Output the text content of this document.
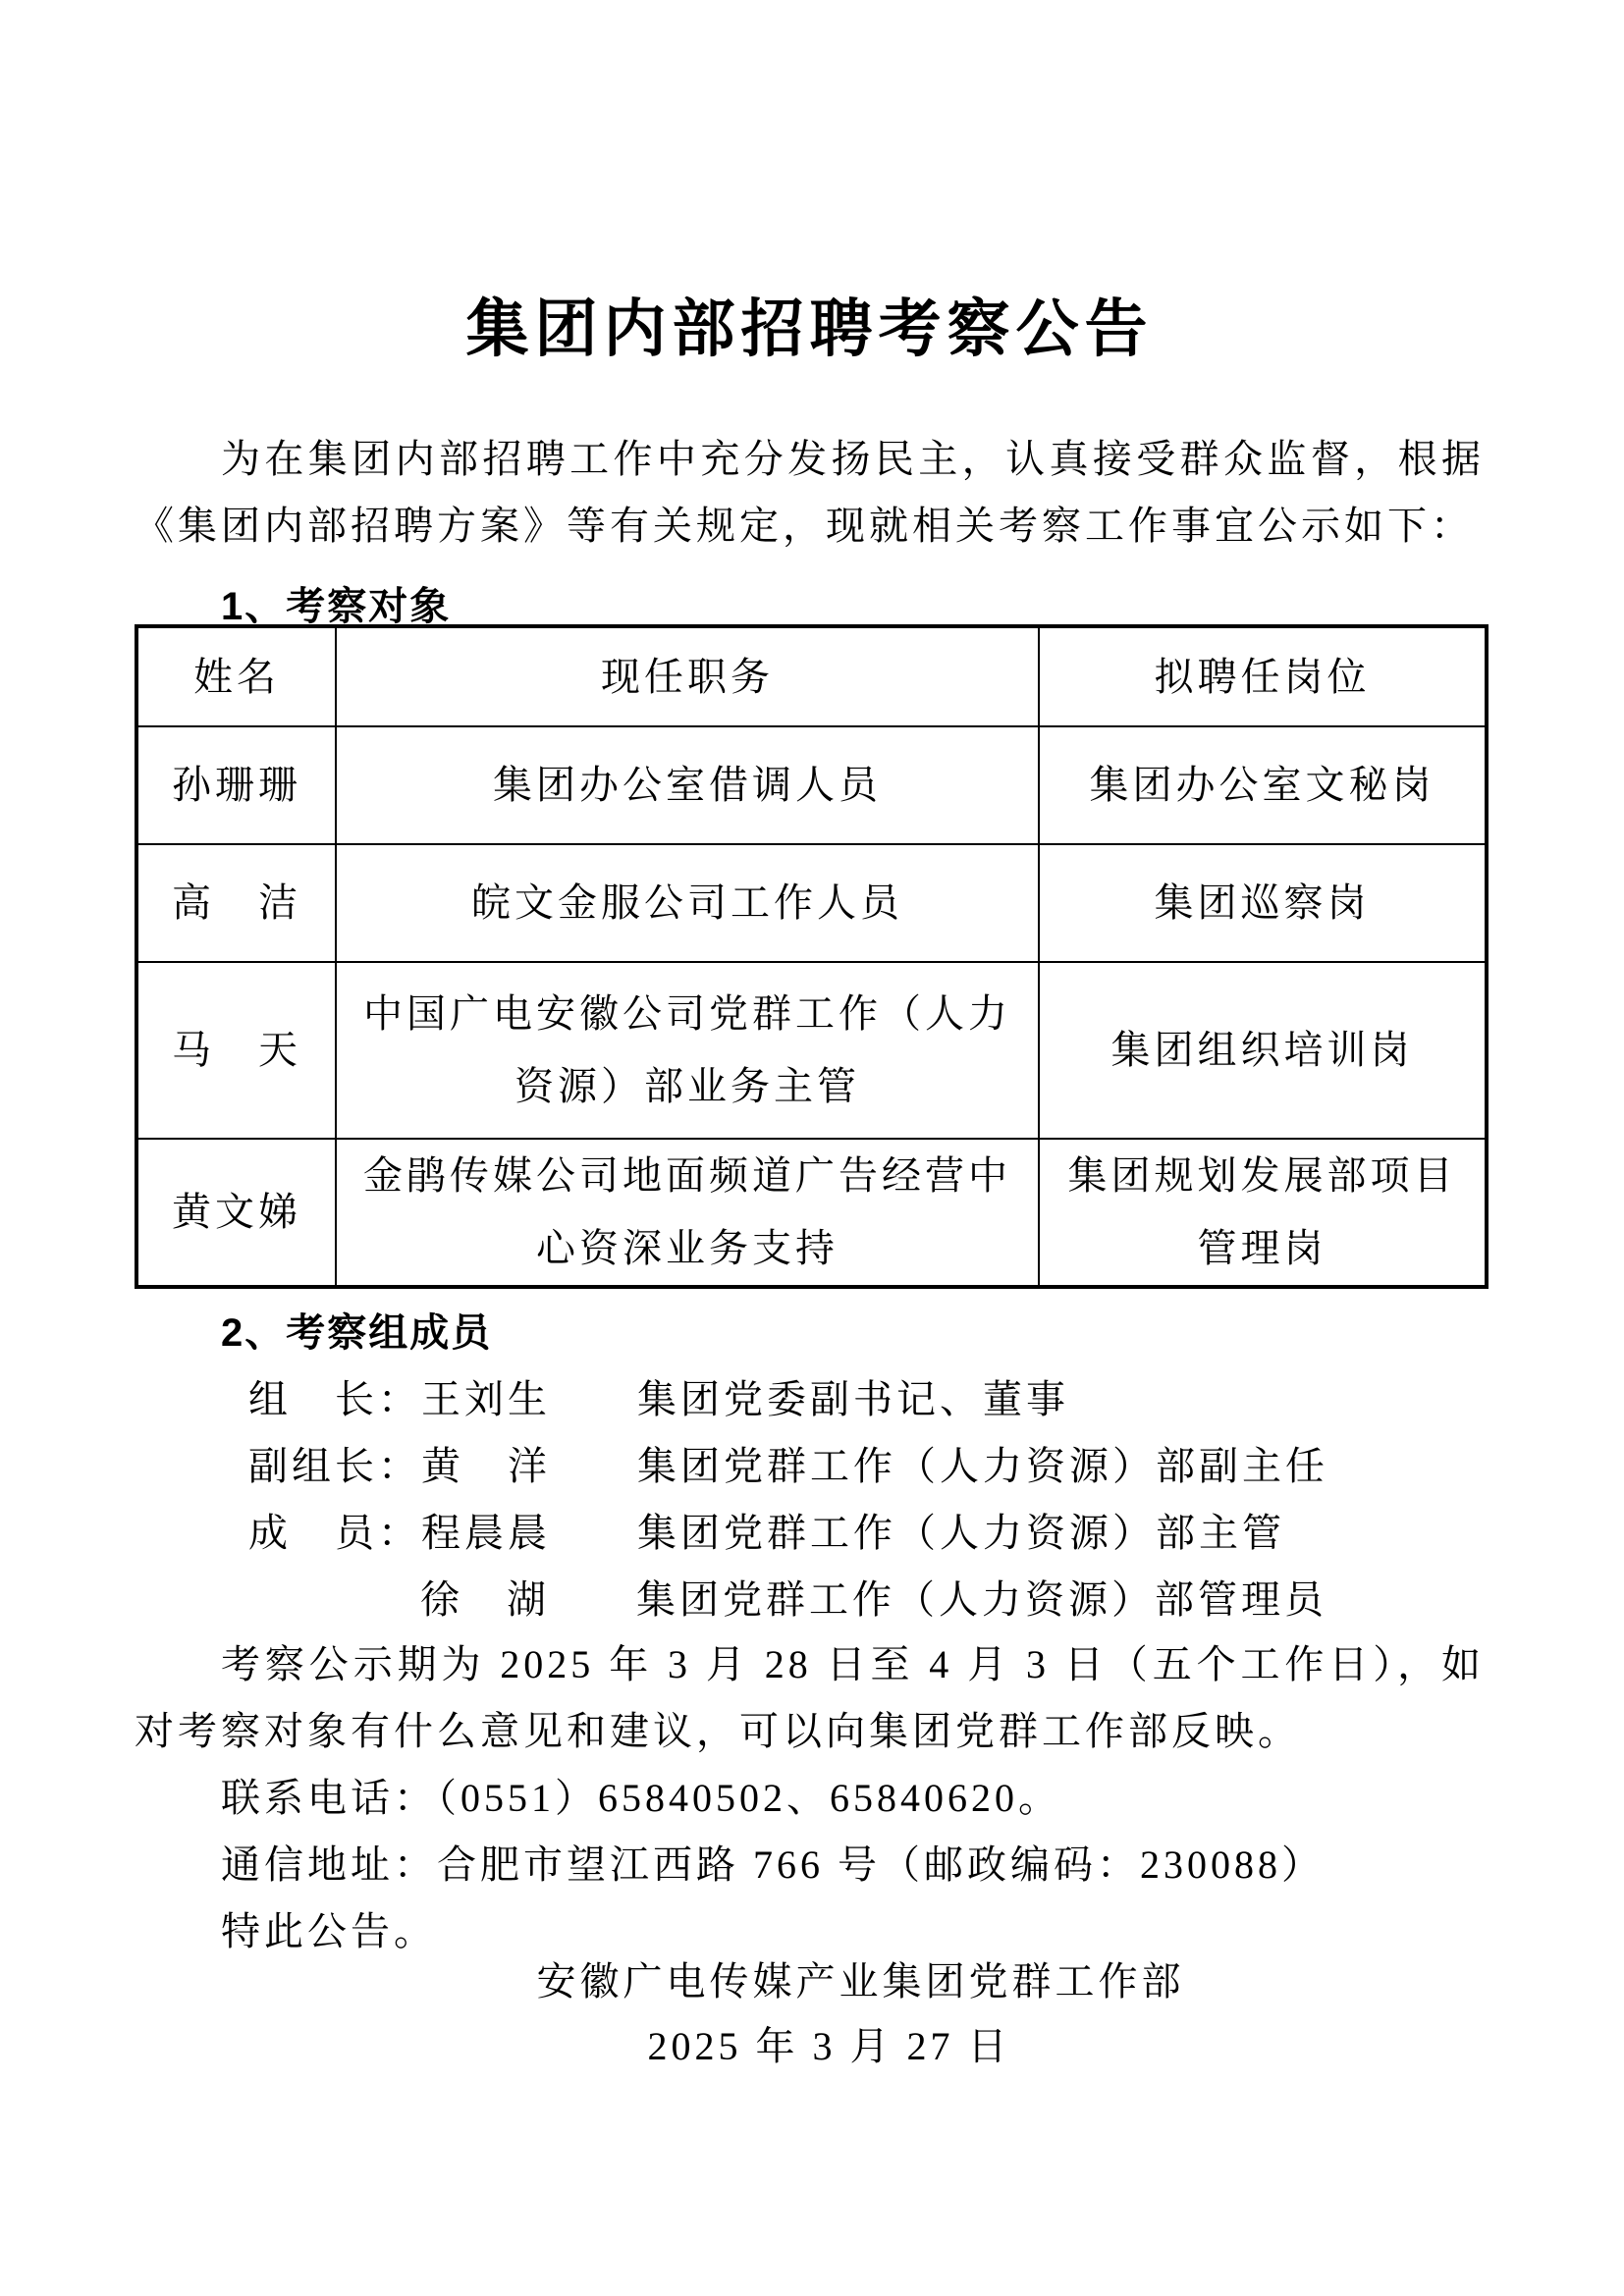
集团内部招聘考察公告
为在集团内部招聘工作中充分发扬民主，认真接受群众监督，根据《集团内部招聘方案》等有关规定，现就相关考察工作事宜公示如下：
1、考察对象
姓名	现任职务	拟聘任岗位
孙珊珊	集团办公室借调人员	集团办公室文秘岗
高　洁	皖文金服公司工作人员	集团巡察岗
马　天	中国广电安徽公司党群工作（人力资源）部业务主管	集团组织培训岗
黄文娣	金鹃传媒公司地面频道广告经营中心资深业务支持	集团规划发展部项目管理岗
2、考察组成员
组　长：王刘生　　集团党委副书记、董事
副组长：黄　洋　　集团党群工作（人力资源）部副主任
成　员：程晨晨　　集团党群工作（人力资源）部主管
徐　湖　　集团党群工作（人力资源）部管理员
考察公示期为 2025 年 3 月 28 日至 4 月 3 日（五个工作日），如对考察对象有什么意见和建议，可以向集团党群工作部反映。
联系电话：（0551）65840502、65840620。
通信地址：合肥市望江西路 766 号（邮政编码：230088）
特此公告。
安徽广电传媒产业集团党群工作部
2025 年 3 月 27 日
